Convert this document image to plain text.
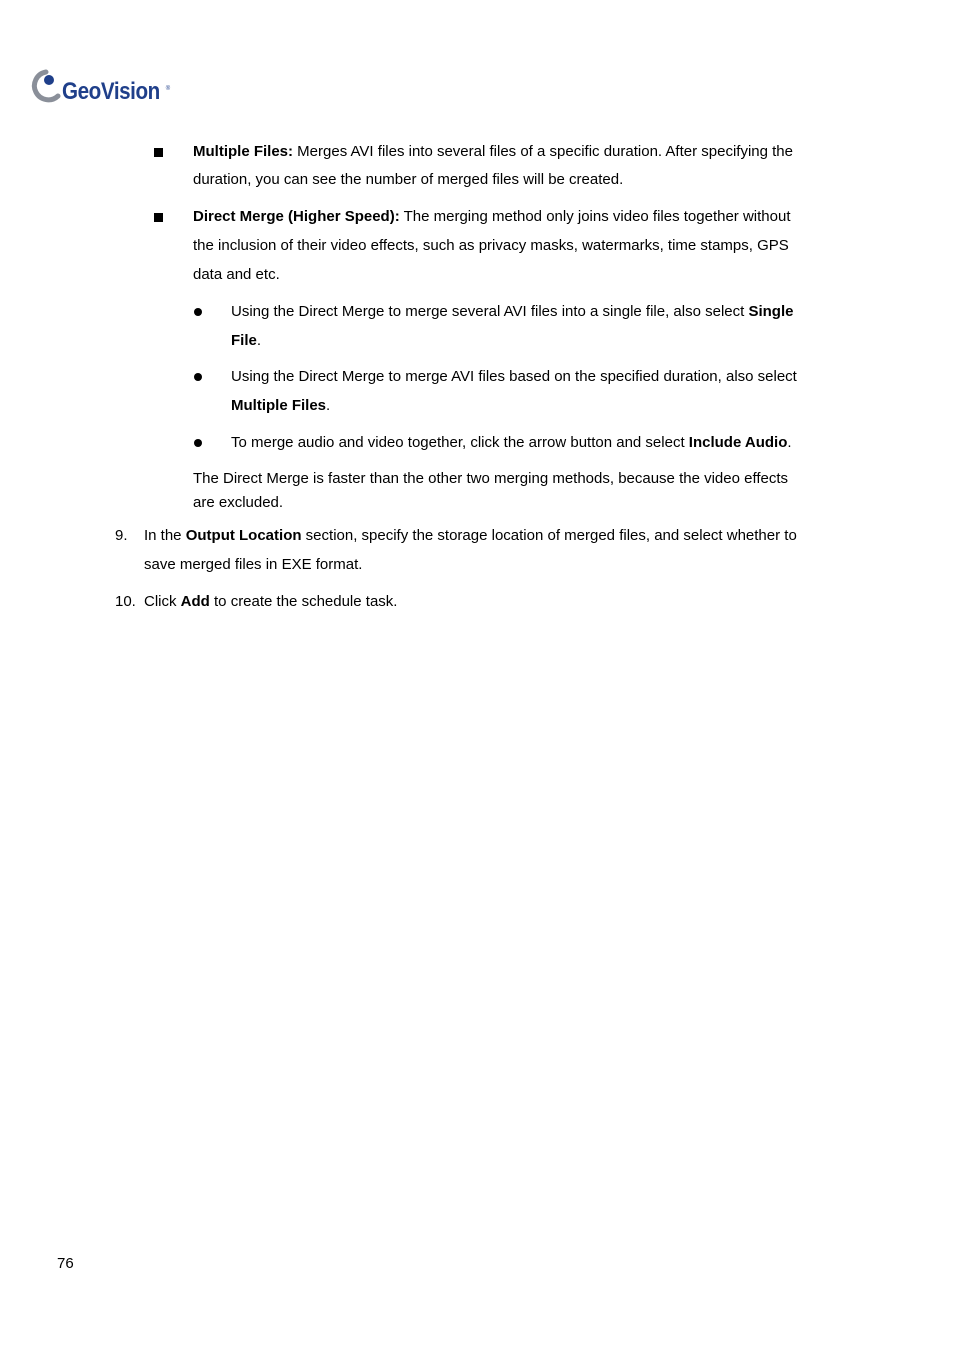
GeoVision ®
Multiple Files: Merges AVI files into several files of a specific duration. After specifying the
duration, you can see the number of merged files will be created.
Direct Merge (Higher Speed): The merging method only joins video files together without
the inclusion of their video effects, such as privacy masks, watermarks, time stamps, GPS
data and etc.
Using the Direct Merge to merge several AVI files into a single file, also select Single
File.
Using the Direct Merge to merge AVI files based on the specified duration, also select
Multiple Files.
To merge audio and video together, click the arrow button and select Include Audio.
The Direct Merge is faster than the other two merging methods, because the video effects
are excluded.
9. In the Output Location section, specify the storage location of merged files, and select whether to
save merged files in EXE format.
10. Click Add to create the schedule task.
76
